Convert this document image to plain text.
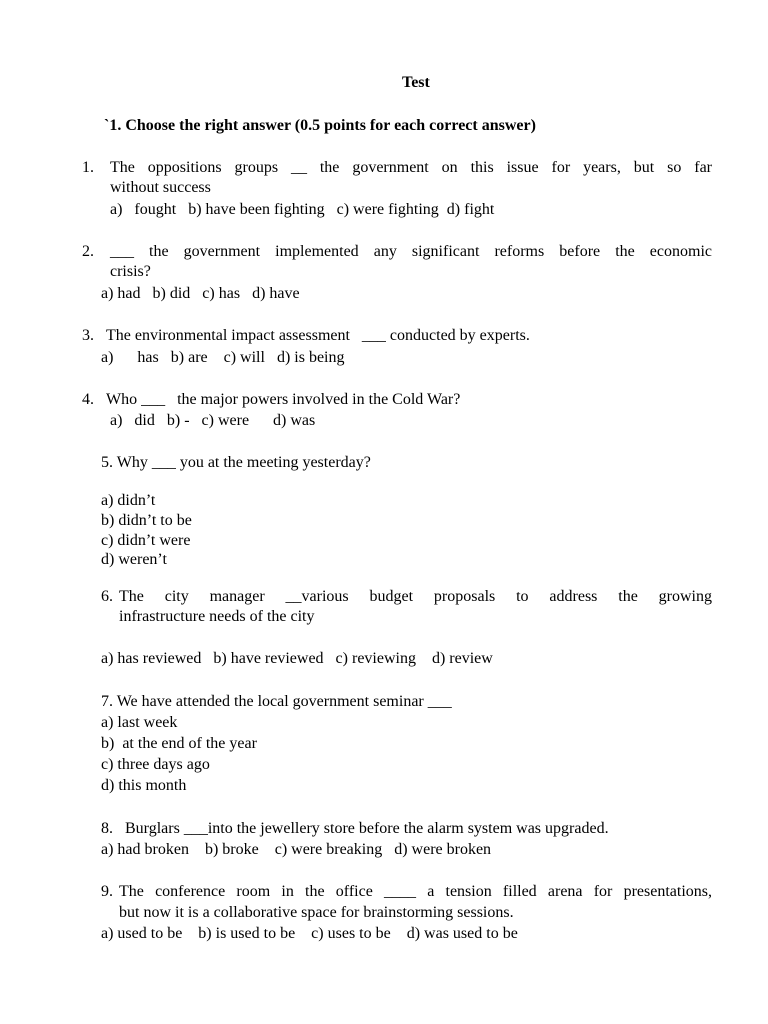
Test
`1. Choose the right answer (0.5 points for each correct answer)
1. The oppositions groups __ the government on this issue for years, but so far
without success
a)   fought   b) have been fighting   c) were fighting  d) fight
2. ___ the government implemented any significant reforms before the economic
crisis?
a) had   b) did   c) has   d) have
3. The environmental impact assessment   ___ conducted by experts.
a)      has   b) are    c) will   d) is being
4. Who ___   the major powers involved in the Cold War?
a)   did   b) -   c) were      d) was
5. Why ___ you at the meeting yesterday?
a) didn’t
b) didn’t to be
c) didn’t were
d) weren’t
6. The city manager __various budget proposals to address the growing
infrastructure needs of the city
a) has reviewed   b) have reviewed   c) reviewing    d) review
7. We have attended the local government seminar ___
a) last week
b)  at the end of the year
c) three days ago
d) this month
8.   Burglars ___into the jewellery store before the alarm system was upgraded.
a) had broken    b) broke    c) were breaking   d) were broken
9. The conference room in the office ____ a tension filled arena for presentations,
but now it is a collaborative space for brainstorming sessions.
a) used to be    b) is used to be    c) uses to be    d) was used to be
